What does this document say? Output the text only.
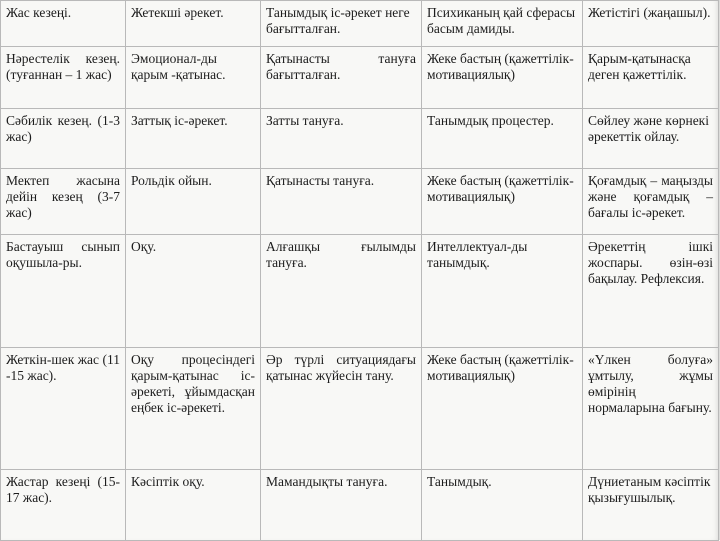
Жас кезеңі.	Жетекші әрекет.	Танымдық іс-әрекет неге бағытталған.	Психиканың қай сферасы басым дамиды.	Жетістігі (жаңашыл).
Нәрестелік кезең.(туғаннан – 1 жас)	Эмоционал-ды қарым -қатынас.	Қатынасты тануға бағытталған.	Жеке бастың (қажеттілік-мотивациялық)	Қарым-қатынасқа деген қажеттілік.
Сәбилік кезең. (1-3 жас)	Заттық іс-әрекет.	Затты тануға.	Танымдық процестер.	Сөйлеу және көрнекі әрекеттік ойлау.
Мектеп жасына дейін кезең (3-7 жас)	Рольдік ойын.	Қатынасты тануға.	Жеке бастың (қажеттілік-мотивациялық)	Қоғамдық – маңызды және қоғамдық – бағалы іс-әрекет.
Бастауыш сынып оқушыла-ры.	Оқу.	Алғашқы ғылымды тануға.	Интеллектуал-ды танымдық.	Әрекеттің ішкі жоспары. өзін-өзі бақылау. Рефлексия.
Жеткін-шек жас (11 -15 жас).	Оқу процесіндегі қарым-қатынас іс-әрекеті, ұйымдасқан еңбек іс-әрекеті.	Әр түрлі ситуациядағы қатынас жүйесін тану.	Жеке бастың (қажеттілік-мотивациялық)	«Үлкен болуға» ұмтылу, жұмы өмірінің нормаларына бағыну.
Жастар кезеңі (15-17 жас).	Кәсіптік оқу.	Мамандықты тануға.	Танымдық.	Дүниетаным кәсіптік қызығушылық.
